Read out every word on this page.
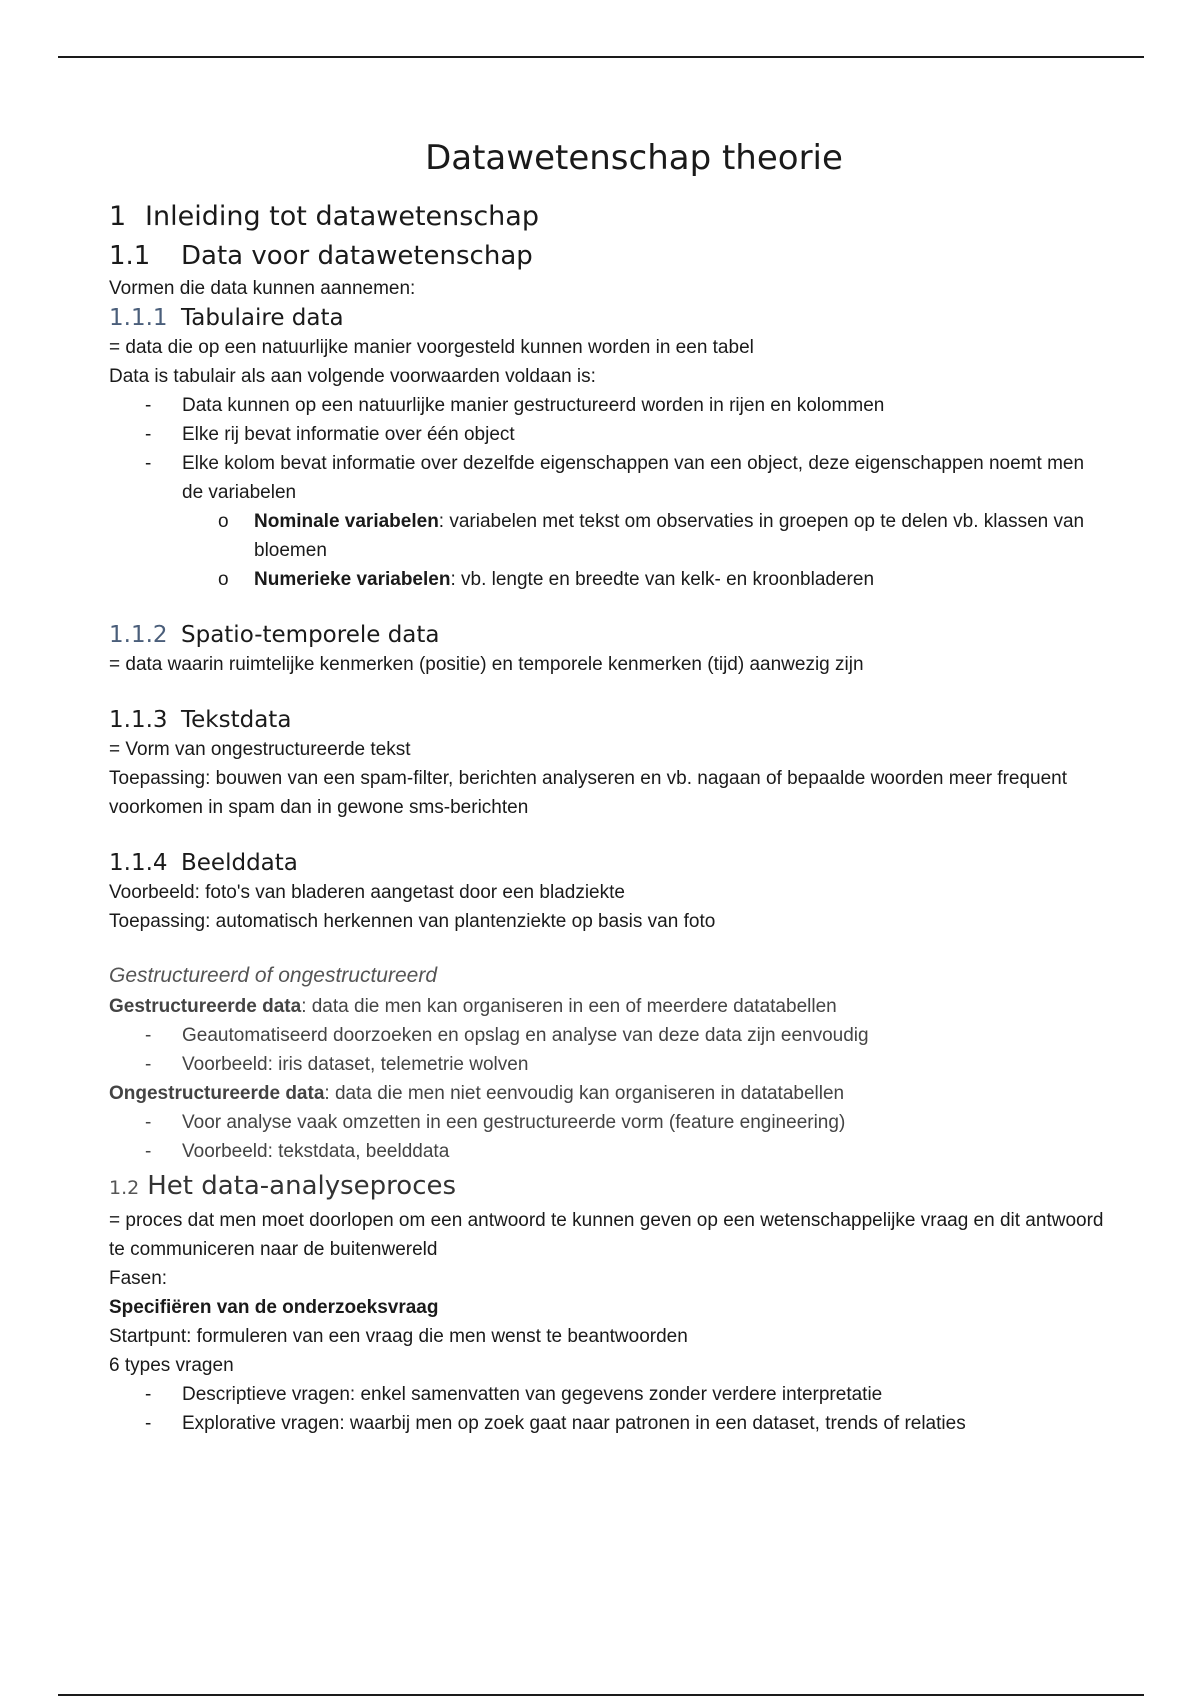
Datawetenschap theorie
1 Inleiding tot datawetenschap
1.1 Data voor datawetenschap

Vormen die data kunnen aannemen:

1.1.1 Tabulaire data

= data die op een natuurlijke manier voorgesteld kunnen worden in een tabel

Data is tabulair als aan volgende voorwaarden voldaan is:

- Data kunnen op een natuurlijke manier gestructureerd worden in rijen en kolommen
- Elke rij bevat informatie over één object
- Elke kolom bevat informatie over dezelfde eigenschappen van een object, deze eigenschappen noemt men de variabelen
o Nominale variabelen: variabelen met tekst om observaties in groepen op te delen vb. klassen van bloemen
o Numerieke variabelen: vb. lengte en breedte van kelk- en kroonbladeren
1.1.2 Spatio-temporele data

= data waarin ruimtelijke kenmerken (positie) en temporele kenmerken (tijd) aanwezig zijn

1.1.3 Tekstdata

= Vorm van ongestructureerde tekst

Toepassing: bouwen van een spam-filter, berichten analyseren en vb. nagaan of bepaalde woorden meer frequent voorkomen in spam dan in gewone sms-berichten

1.1.4 Beelddata

Voorbeeld: foto's van bladeren aangetast door een bladziekte

Toepassing: automatisch herkennen van plantenziekte op basis van foto

Gestructureerd of ongestructureerd

Gestructureerde data: data die men kan organiseren in een of meerdere datatabellen

- Geautomatiseerd doorzoeken en opslag en analyse van deze data zijn eenvoudig
- Voorbeeld: iris dataset, telemetrie wolven

Ongestructureerde data: data die men niet eenvoudig kan organiseren in datatabellen

- Voor analyse vaak omzetten in een gestructureerde vorm (feature engineering)
- Voorbeeld: tekstdata, beelddata
1.2 Het data-analyseproces

= proces dat men moet doorlopen om een antwoord te kunnen geven op een wetenschappelijke vraag en dit antwoord te communiceren naar de buitenwereld

Fasen:

Specifiëren van de onderzoeksvraag

Startpunt: formuleren van een vraag die men wenst te beantwoorden

6 types vragen

- Descriptieve vragen: enkel samenvatten van gegevens zonder verdere interpretatie
- Explorative vragen: waarbij men op zoek gaat naar patronen in een dataset, trends of relaties
